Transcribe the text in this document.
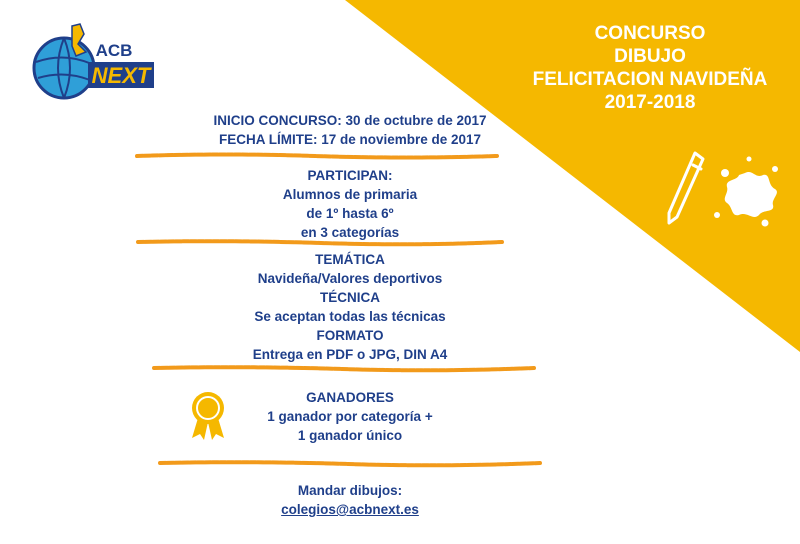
CONCURSO
DIBUJO
FELICITACION NAVIDEÑA
2017-2018
ACB
NEXT
INICIO CONCURSO: 30 de octubre de 2017
FECHA LÍMITE: 17 de noviembre de 2017
PARTICIPAN:
Alumnos de primaria
de 1º hasta 6º
en 3 categorías
TEMÁTICA
Navideña/Valores deportivos
TÉCNICA
Se aceptan todas las técnicas
FORMATO
Entrega en PDF o JPG, DIN A4
GANADORES
1 ganador por categoría +
1 ganador único
Mandar dibujos:
colegios@acbnext.es
